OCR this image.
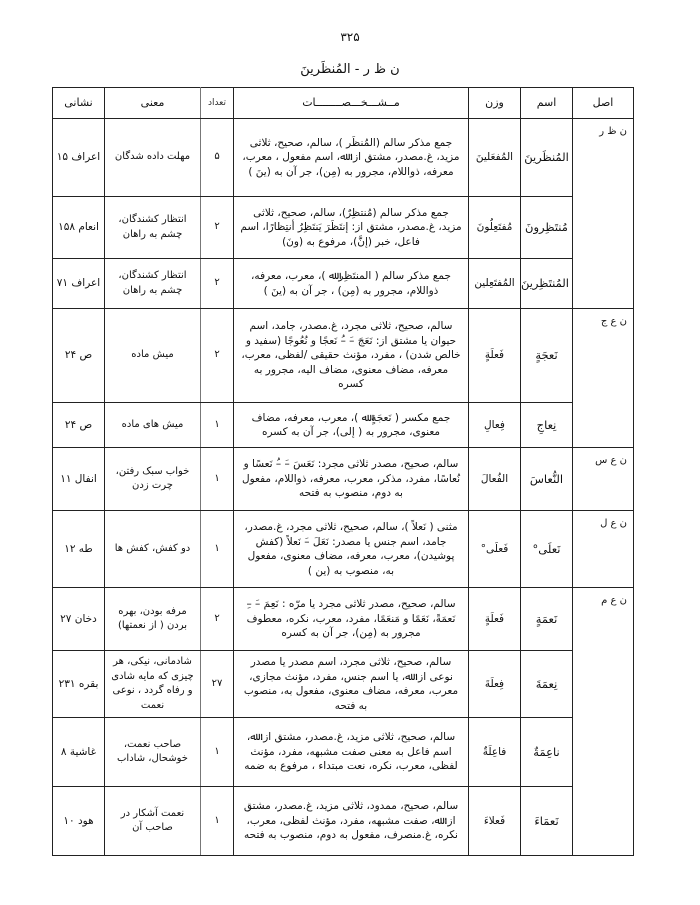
۳۲۵
ن ظ ر - المُنظَرینَ
اصل	اسم	وزن	مــشـــخـــصــــــــات	تعداد	معنی	نشانی
ن ظ ر	المُنظَرینَ	المُفعَلینَ	جمع مذکر سالم (المُنظَر )، سالم، صحیح، ثلاثی مزید، غ.مصدر، مشتق از: ﷲ، اسم مفعول ، معرب، معرفه، ذواللام، مجرور به (مِن)، جر آن به (ینَ )	۵	مهلت داده شدگان	اعراف ۱۵
	مُنتَظِرونَ	مُفتَعِلُونَ	جمع مذکر سالم (مُنتظِرٌ)، سالم، صحیح، ثلاثی مزید، غ.مصدر، مشتق از: إنتَظَرَ یَنتَظِرُ أنتِظارًا، اسم فاعل، خبر (إنَّ)، مرفوع به (ونَ)	۲	انتظار کشندگان، چشم به راهان	انعام ۱۵۸
	المُنتَظِرینَ	المُفتَعِلین	جمع مذکر سالم ( المنتَظِر ﷲ )، معرب، معرفه، ذواللام، مجرور به (مِن) ، جر آن به (ینَ )	۲	انتظار کشندگان، چشم به راهان	اعراف ۷۱
ن ع ج	نَعجَةٍ	فَعلَةٍ	سالم، صحیح، ثلاثی مجرد، غ.مصدر، جامد، اسم حیوان یا مشتق از: نَعَجَ –َ –ُ نَعجًا و نُعُوجًا (سفید و خالص شدن) ، مفرد، مؤنث حقیقی /لفظی، معرب، معرفه، مضاف معنوی، مضاف الیه، مجرور به کسره	۲	میش ماده	ص ۲۴
	نِعاجِ	فِعالِ	جمع مکسر ( نَعجَةٍ ﷲ )، معرب، معرفه، مضاف معنوی، مجرور به ( إلی)، جر آن به کسره	۱	میش های ماده	ص ۲۴
ن ع س	النُّعاسَ	الفُعالَ	سالم، صحیح، مصدر ثلاثی مجرد: نَعَسَ –َ –ُ نَعسًا و نُعاسًا، مفرد، مذکر، معرب، معرفه، ذواللام، مفعول به دوم، منصوب به فتحه	۱	خواب سبک رفتن، چرت زدن	انفال ۱۱
ن ع ل	نَعلَی°	فَعلَی°	مثنی ( نَعلاً )، سالم، صحیح، ثلاثی مجرد، غ.مصدر، جامد، اسم جنس یا مصدر: نَعَلَ –َ نَعلاً (کفش پوشیدن)، معرب، معرفه، مضاف معنوی، مفعول به، منصوب به (ین )	۱	دو کفش، کفش ها	طه ۱۲
ن ع م	نَعمَةٍ	فَعلَةٍ	سالم، صحیح، مصدر ثلاثی مجرد یا مرّه : نَعِمَ –َ –ِ نَعمَةً، نَعَمًا و مَنعَمًا، مفرد، معرب، نکره، معطوف مجرور به (مِن)، جر آن به کسره	۲	مرفه بودن، بهره بردن ( از نعمتها)	دخان ۲۷
	نِعمَةَ	فِعلَةَ	سالم، صحیح، ثلاثی مجرد، اسم مصدر یا مصدر نوعی از: ﷲ، یا اسم جنس، مفرد، مؤنث مجازی، معرب، معرفه، مضاف معنوی، مفعول به، منصوب به فتحه	۲۷	شادمانی، نیکی، هر چیزی که مایه شادی و رفاه گردد ، نوعی نعمت	بقره ۲۳۱
	ناعِمَةٌ	فاعِلَةٌ	سالم، صحیح، ثلاثی مزید، غ.مصدر، مشتق از: ﷲ، اسم فاعل به معنی صفت مشبهه، مفرد، مؤنث لفظی، معرب، نکره، نعت مبتداء ، مرفوع به ضمه	۱	صاحب نعمت، خوشحال، شاداب	غاشیة ۸
	نَعمَاءَ	فَعلاءَ	سالم، صحیح، ممدود، ثلاثی مزید، غ.مصدر، مشتق از: ﷲ، صفت مشبهه، مفرد، مؤنث لفظی، معرب، نکره، غ.منصرف، مفعول به دوم، منصوب به فتحه	۱	نعمت آشکار در صاحب آن	هود ۱۰
